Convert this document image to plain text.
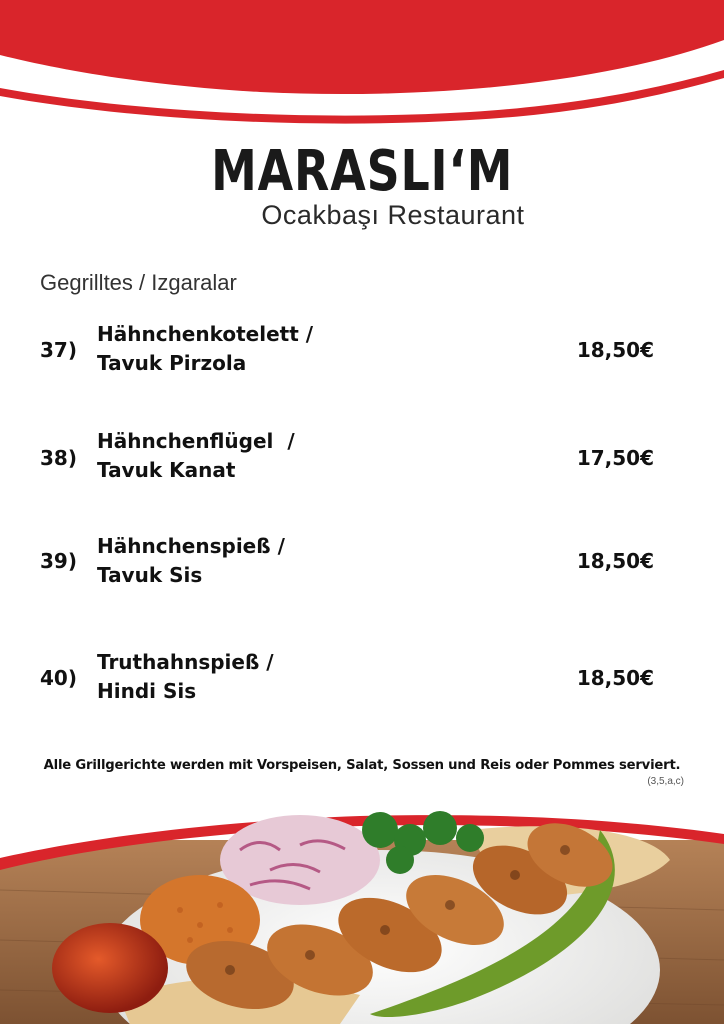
MARASLI‘M
Ocakbaşı Restaurant
Gegrilltes / Izgaralar
37)
Hähnchenkotelett /
Tavuk Pirzola
18,50€
38)
Hähnchenflügel  /
Tavuk Kanat	17,50€
39)
Hähnchenspieß /
Tavuk Sis
18,50€
40)
Truthahnspieß /
Hindi Sis
18,50€
Alle Grillgerichte werden mit Vorspeisen, Salat, Sossen und Reis oder Pommes serviert.
(3,5,a,c)
